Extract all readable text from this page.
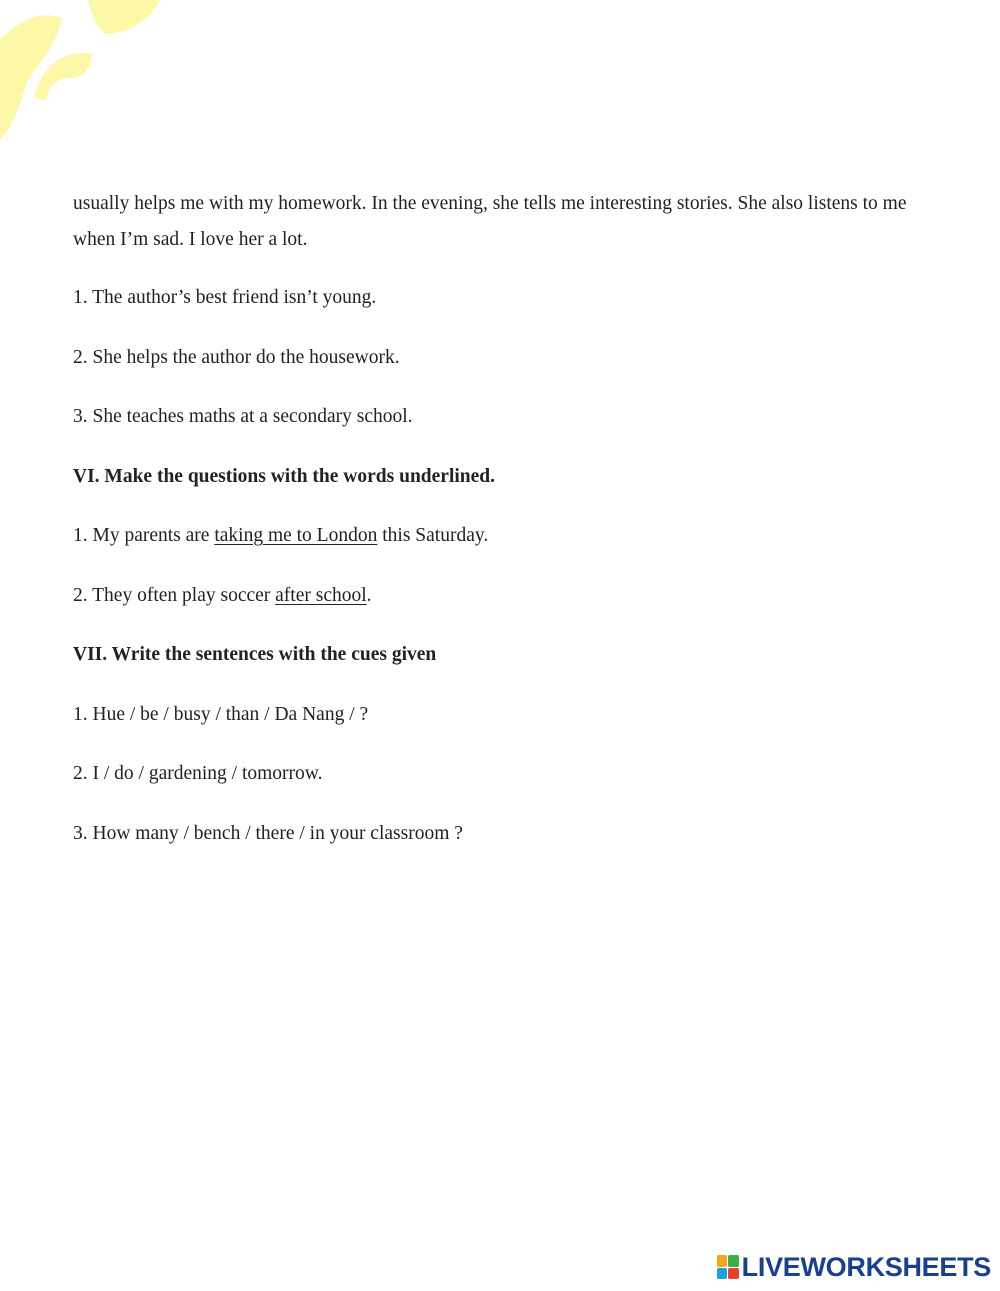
usually helps me with my homework. In the evening, she tells me interesting stories. She also listens to me when I’m sad. I love her a lot.

1. The author’s best friend isn’t young.

2. She helps the author do the housework.

3. She teaches maths at a secondary school.

VI. Make the questions with the words underlined.

1. My parents are taking me to London this Saturday.

2. They often play soccer after school.

VII. Write the sentences with the cues given

1. Hue / be / busy / than / Da Nang / ?

2. I / do / gardening / tomorrow.

3. How many / bench / there / in your classroom ?

LIVEWORKSHEETS
